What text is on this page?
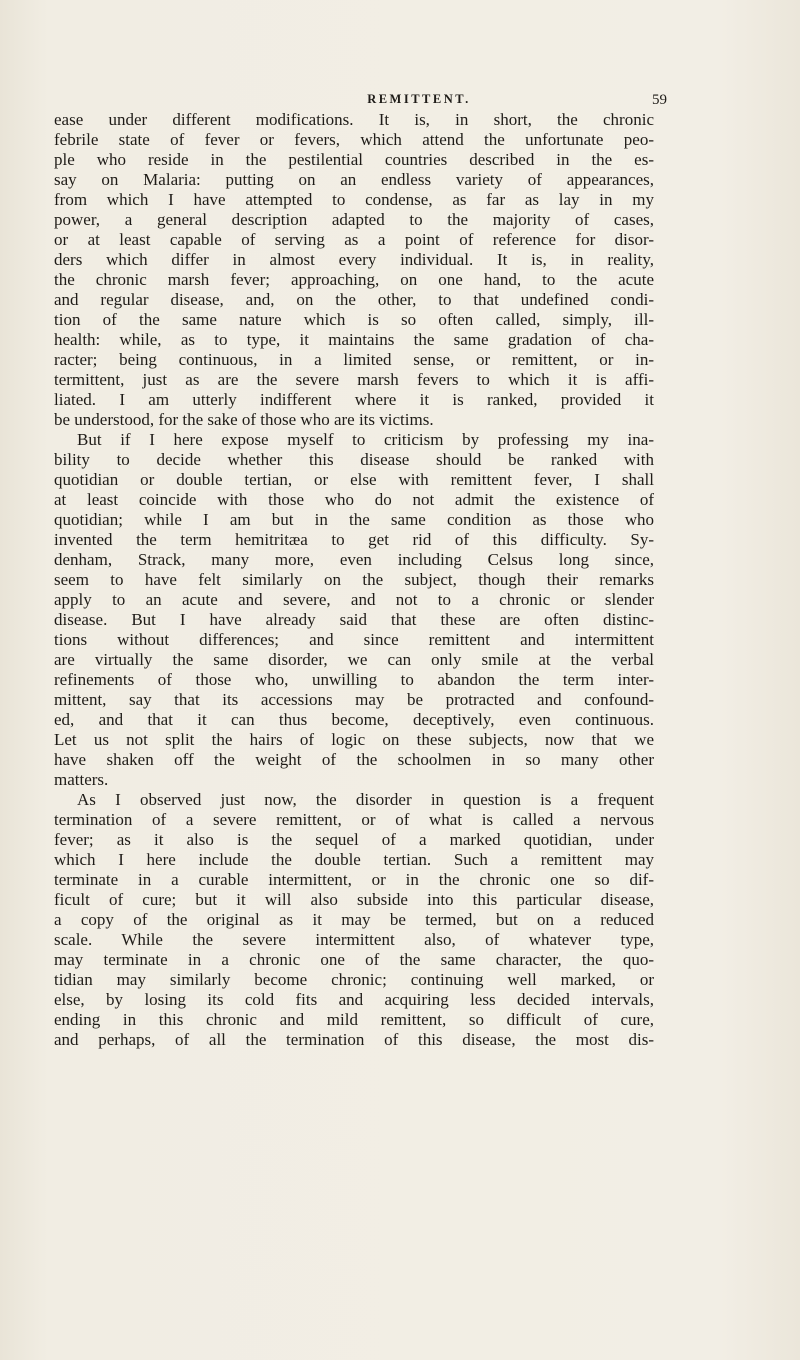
REMITTENT.	59
ease under different modifications. It is, in short, the chronic
febrile state of fever or fevers, which attend the unfortunate peo-
ple who reside in the pestilential countries described in the es-
say on Malaria: putting on an endless variety of appearances,
from which I have attempted to condense, as far as lay in my
power, a general description adapted to the majority of cases,
or at least capable of serving as a point of reference for disor-
ders which differ in almost every individual. It is, in reality,
the chronic marsh fever; approaching, on one hand, to the acute
and regular disease, and, on the other, to that undefined condi-
tion of the same nature which is so often called, simply, ill-
health: while, as to type, it maintains the same gradation of cha-
racter; being continuous, in a limited sense, or remittent, or in-
termittent, just as are the severe marsh fevers to which it is affi-
liated. I am utterly indifferent where it is ranked, provided it
be understood, for the sake of those who are its victims.
But if I here expose myself to criticism by professing my ina-
bility to decide whether this disease should be ranked with
quotidian or double tertian, or else with remittent fever, I shall
at least coincide with those who do not admit the existence of
quotidian; while I am but in the same condition as those who
invented the term hemitritæa to get rid of this difficulty. Sy-
denham, Strack, many more, even including Celsus long since,
seem to have felt similarly on the subject, though their remarks
apply to an acute and severe, and not to a chronic or slender
disease. But I have already said that these are often distinc-
tions without differences; and since remittent and intermittent
are virtually the same disorder, we can only smile at the verbal
refinements of those who, unwilling to abandon the term inter-
mittent, say that its accessions may be protracted and confound-
ed, and that it can thus become, deceptively, even continuous.
Let us not split the hairs of logic on these subjects, now that we
have shaken off the weight of the schoolmen in so many other
matters.
As I observed just now, the disorder in question is a frequent
termination of a severe remittent, or of what is called a nervous
fever; as it also is the sequel of a marked quotidian, under
which I here include the double tertian. Such a remittent may
terminate in a curable intermittent, or in the chronic one so dif-
ficult of cure; but it will also subside into this particular disease,
a copy of the original as it may be termed, but on a reduced
scale. While the severe intermittent also, of whatever type,
may terminate in a chronic one of the same character, the quo-
tidian may similarly become chronic; continuing well marked, or
else, by losing its cold fits and acquiring less decided intervals,
ending in this chronic and mild remittent, so difficult of cure,
and perhaps, of all the termination of this disease, the most dis-
